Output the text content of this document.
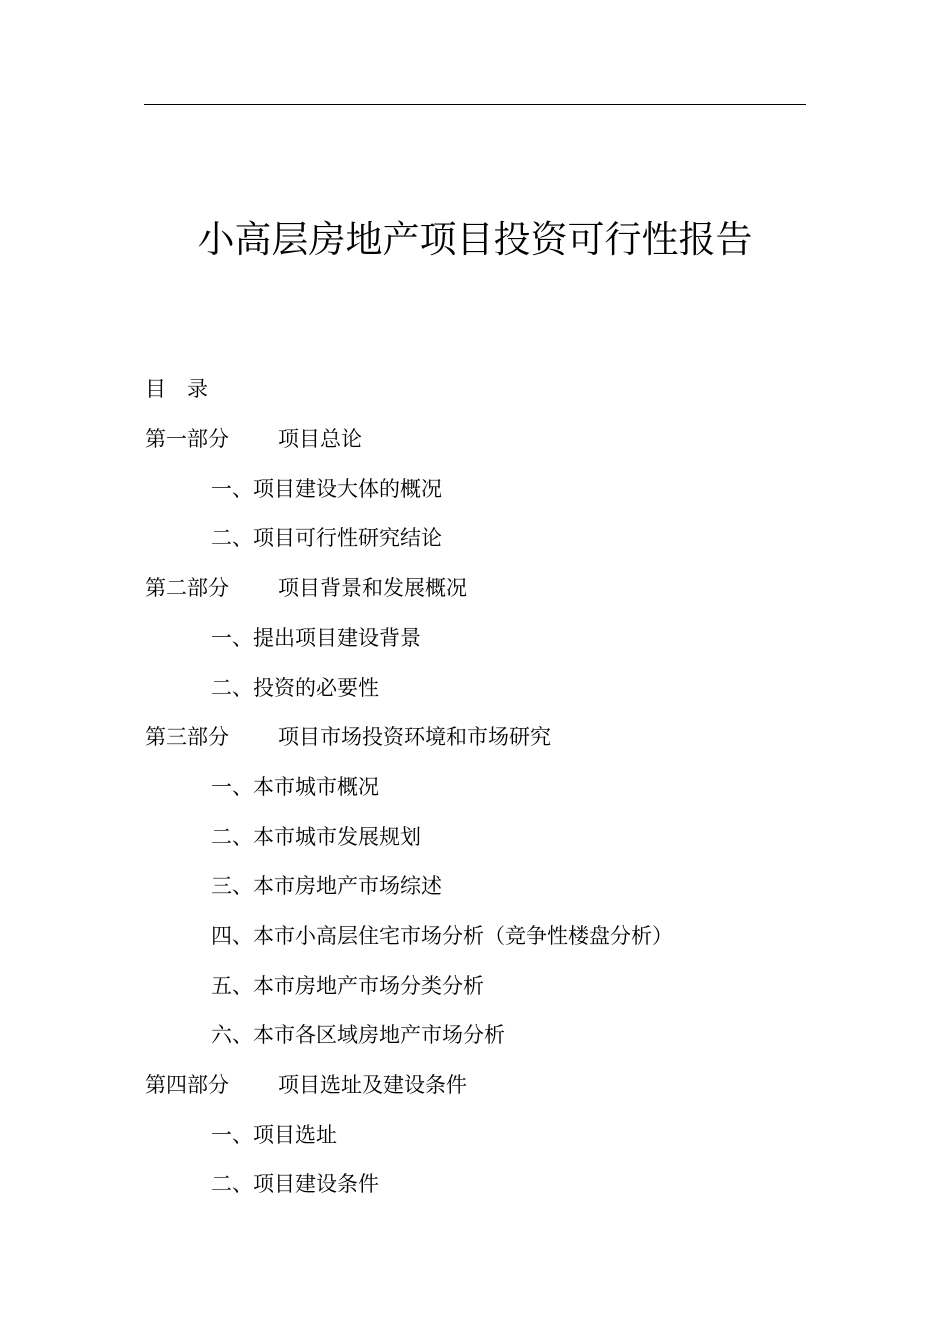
小高层房地产项目投资可行性报告
目　录
第一部分 项目总论
一、项目建设大体的概况
二、项目可行性研究结论
第二部分 项目背景和发展概况
一、提出项目建设背景
二、投资的必要性
第三部分 项目市场投资环境和市场研究
一、本市城市概况
二、本市城市发展规划
三、本市房地产市场综述
四、本市小高层住宅市场分析（竞争性楼盘分析）
五、本市房地产市场分类分析
六、本市各区域房地产市场分析
第四部分 项目选址及建设条件
一、项目选址
二、项目建设条件
